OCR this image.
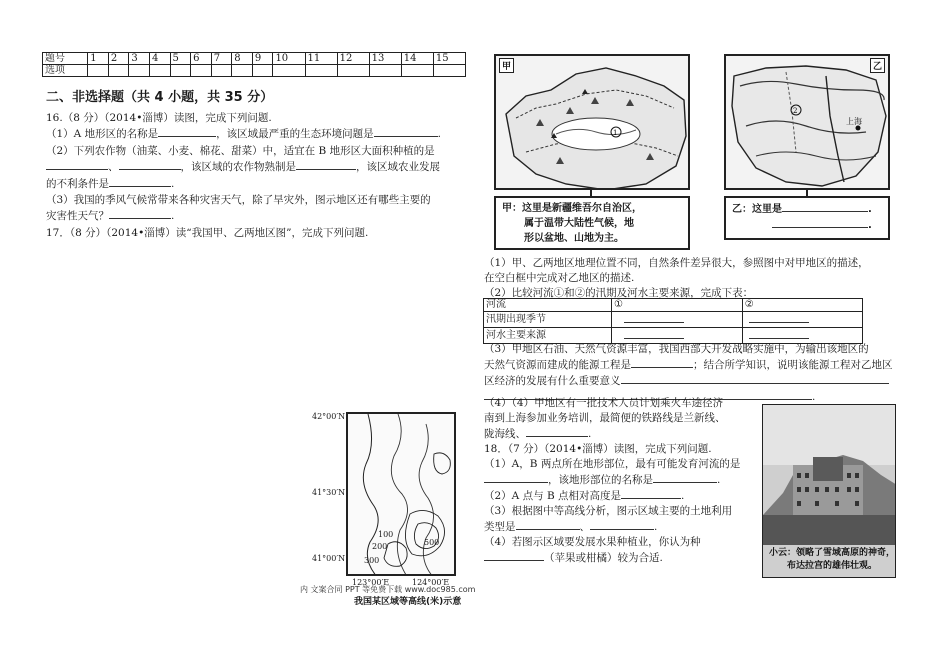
题号	1	2	3	4	5	6	7	8	9	10	11	12	13	14	15
选项															
二、非选择题（共 4 小题，共 35 分）

16.（8 分）（2014•淄博）读图，完成下列问题.

（1）A 地形区的名称是	，该区域最严重的生态环境问题是	.

（2）下列农作物（油菜、小麦、棉花、甜菜）中，适宜在 B 地形区大面积种植的是

、	，该区域的农作物熟制是	，该区域农业发展

的不利条件是	.

（3）我国的季风气候常带来各种灾害天气，除了旱灾外，图示地区还有哪些主要的

灾害性天气？	.

17．（8 分）（2014•淄博）读“我国甲、乙两地区图”，完成下列问题.

1
甲
2
乙
上海
甲：这里是新疆维吾尔自治区，
属于温带大陆性气候，地
形以盆地、山地为主。
乙：这里是	.
.

（1）甲、乙两地区地理位置不同，自然条件差异很大，参照图中对甲地区的描述，

在空白框中完成对乙地区的描述.

（2）比较河流①和②的汛期及河水主要来源，完成下表：

河流	①	②
汛期出现季节		
河水主要来源		

（3）甲地区石油、天然气资源丰富，我国西部大开发战略实施中，为输出该地区的

天然气资源而建成的能源工程是	；结合所学知识，说明该能源工程对乙地区

区经济的发展有什么重要意义

.

（4）（4）甲地区有一批技术人员计划乘火车途径济

南到上海参加业务培训，最简便的铁路线是兰新线、

陇海线、	.

18．（7 分）（2014•淄博）读图，完成下列问题.

（1）A，B 两点所在地形部位，最有可能发育河流的是

，该地形部位的名称是	.

（2）A 点与 B 点相对高度是	.

（3）根据图中等高线分析，图示区域主要的土地利用

类型是	、	.

（4）若图示区域要发展水果种植业，你认为种

（苹果或柑橘）较为合适.

42°00′N
41°30′N
41°00′N
100
200
300
500
123°00′E	124°00′E
我国某区域等高线(米)示意
小云：领略了雪域高原的神奇，
布达拉宫的雄伟壮观。
内 文案合同 PPT 等免费下载 www.doc985.com
